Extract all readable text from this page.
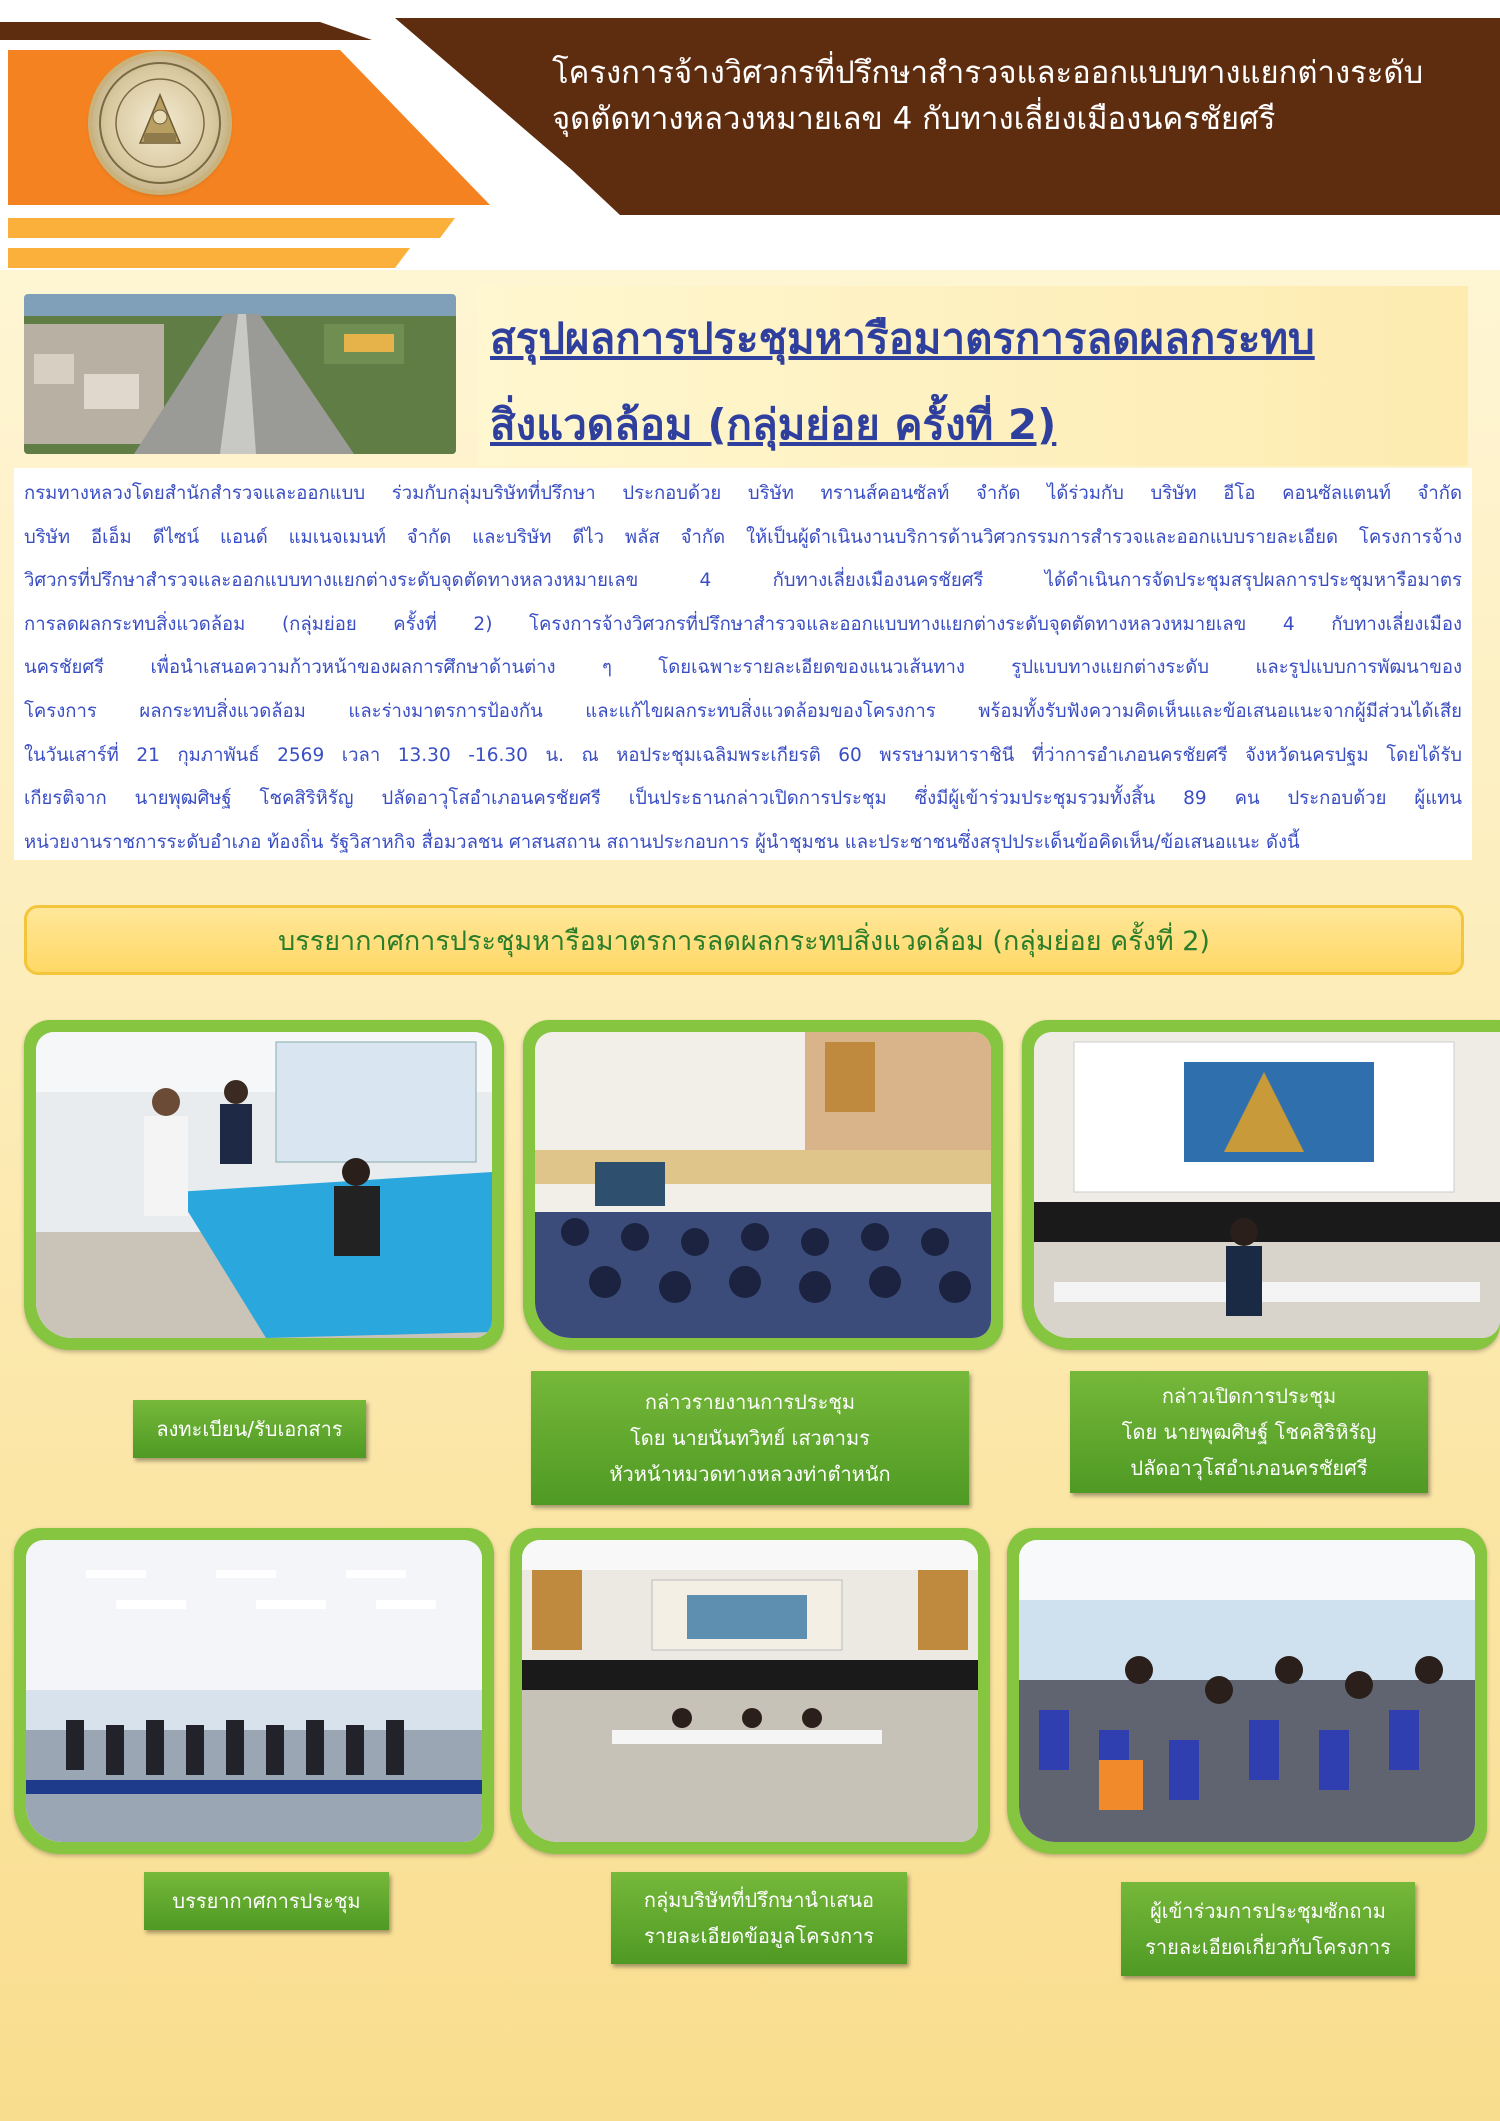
โครงการจ้างวิศวกรที่ปรึกษาสำรวจและออกแบบทางแยกต่างระดับ
จุดตัดทางหลวงหมายเลข 4 กับทางเลี่ยงเมืองนครชัยศรี
สรุปผลการประชุมหารือมาตรการลดผลกระทบ
สิ่งแวดล้อม (กลุ่มย่อย ครั้งที่ 2)

กรมทางหลวงโดยสำนักสำรวจและออกแบบ ร่วมกับกลุ่มบริษัทที่ปรึกษา ประกอบด้วย บริษัท ทรานส์คอนซัลท์ จำกัด ได้ร่วมกับ บริษัท อีโอ คอนซัลแตนท์ จำกัด

บริษัท อีเอ็ม ดีไซน์ แอนด์ แมเนจเมนท์ จำกัด และบริษัท ดีไว พลัส จำกัด ให้เป็นผู้ดำเนินงานบริการด้านวิศวกรรมการสำรวจและออกแบบรายละเอียด โครงการจ้าง

วิศวกรที่ปรึกษาสำรวจและออกแบบทางแยกต่างระดับจุดตัดทางหลวงหมายเลข 4 กับทางเลี่ยงเมืองนครชัยศรี ได้ดำเนินการจัดประชุมสรุปผลการประชุมหารือมาตร

การลดผลกระทบสิ่งแวดล้อม (กลุ่มย่อย ครั้งที่ 2) โครงการจ้างวิศวกรที่ปรึกษาสำรวจและออกแบบทางแยกต่างระดับจุดตัดทางหลวงหมายเลข 4 กับทางเลี่ยงเมือง

นครชัยศรี เพื่อนำเสนอความก้าวหน้าของผลการศึกษาด้านต่าง ๆ โดยเฉพาะรายละเอียดของแนวเส้นทาง รูปแบบทางแยกต่างระดับ และรูปแบบการพัฒนาของ

โครงการ ผลกระทบสิ่งแวดล้อม และร่างมาตรการป้องกัน และแก้ไขผลกระทบสิ่งแวดล้อมของโครงการ พร้อมทั้งรับฟังความคิดเห็นและข้อเสนอแนะจากผู้มีส่วนได้เสีย

ในวันเสาร์ที่ 21 กุมภาพันธ์ 2569 เวลา 13.30 -16.30 น. ณ หอประชุมเฉลิมพระเกียรติ 60 พรรษามหาราชินี ที่ว่าการอำเภอนครชัยศรี จังหวัดนครปฐม โดยได้รับ

เกียรติจาก นายพุฒศิษฐ์ โชคสิริหิรัญ ปลัดอาวุโสอำเภอนครชัยศรี เป็นประธานกล่าวเปิดการประชุม ซึ่งมีผู้เข้าร่วมประชุมรวมทั้งสิ้น 89 คน ประกอบด้วย ผู้แทน

หน่วยงานราชการระดับอำเภอ ท้องถิ่น รัฐวิสาหกิจ สื่อมวลชน ศาสนสถาน สถานประกอบการ ผู้นำชุมชน และประชาชนซึ่งสรุปประเด็นข้อคิดเห็น/ข้อเสนอแนะ ดังนี้

บรรยากาศการประชุมหารือมาตรการลดผลกระทบสิ่งแวดล้อม (กลุ่มย่อย ครั้งที่ 2)
ลงทะเบียน/รับเอกสาร
กล่าวรายงานการประชุม
โดย นายนันทวิทย์ เสวตามร
หัวหน้าหมวดทางหลวงท่าตำหนัก
กล่าวเปิดการประชุม
โดย นายพุฒศิษฐ์ โชคสิริหิรัญ
ปลัดอาวุโสอำเภอนครชัยศรี
บรรยากาศการประชุม	กลุ่มบริษัทที่ปรึกษานำเสนอ
รายละเอียดข้อมูลโครงการ
ผู้เข้าร่วมการประชุมซักถาม
รายละเอียดเกี่ยวกับโครงการ
